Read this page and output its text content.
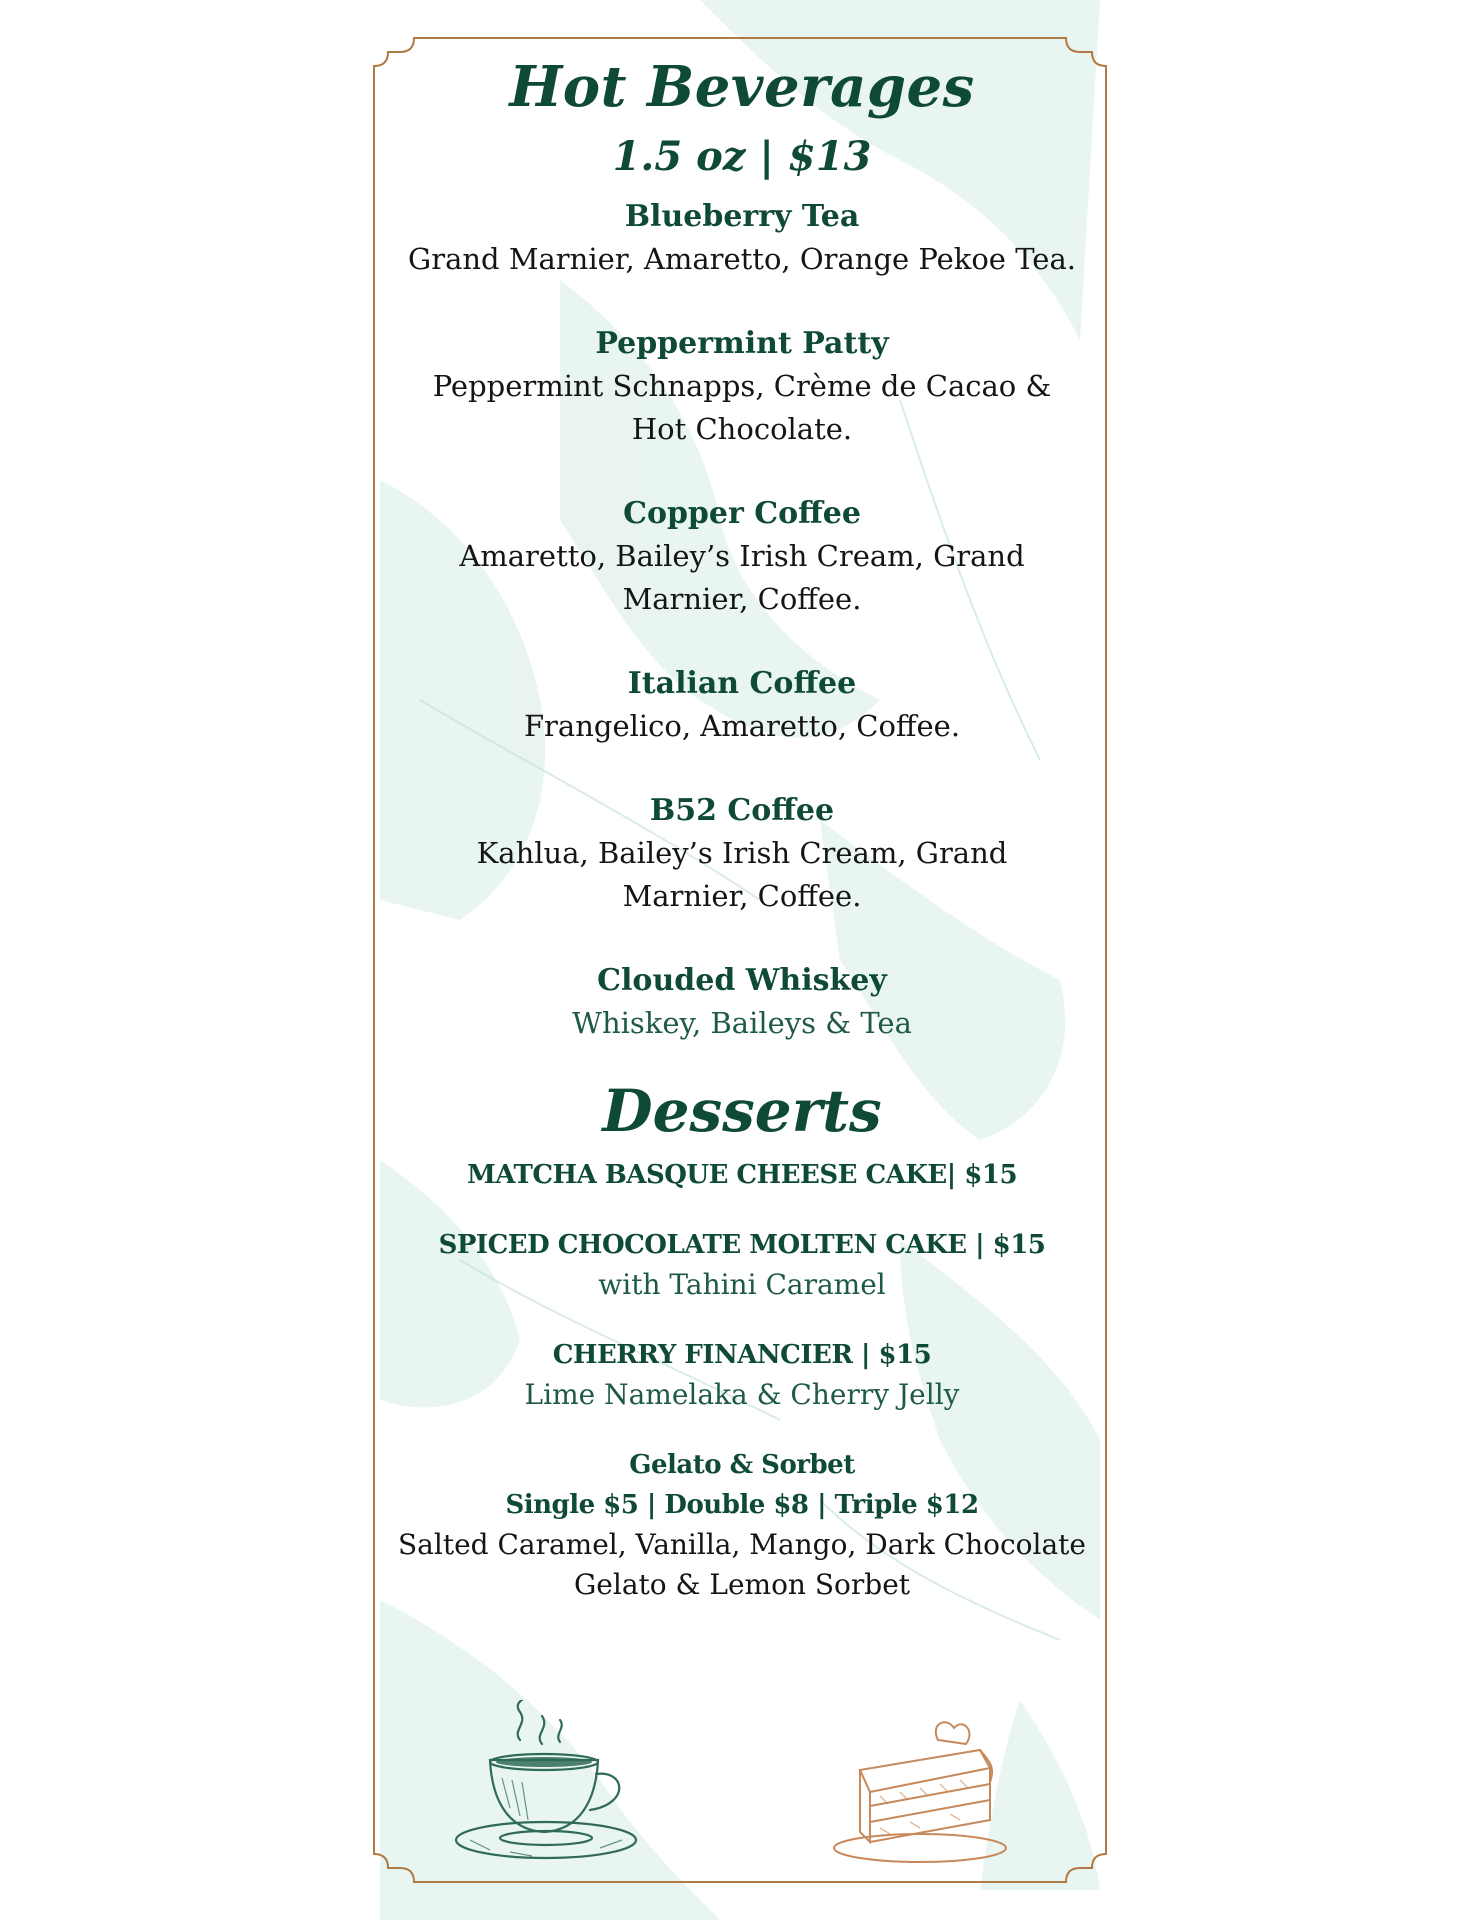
Hot Beverages
1.5 oz | $13
Blueberry Tea
Grand Marnier, Amaretto, Orange Pekoe Tea.
Peppermint Patty
Peppermint Schnapps, Crème de Cacao & Hot Chocolate.
Copper Coffee
Amaretto, Bailey’s Irish Cream, Grand Marnier, Coffee.
Italian Coffee
Frangelico, Amaretto, Coffee.
B52 Coffee
Kahlua, Bailey’s Irish Cream, Grand Marnier, Coffee.
Clouded Whiskey
Whiskey, Baileys & Tea
Desserts
MATCHA BASQUE CHEESE CAKE| $15
SPICED CHOCOLATE MOLTEN CAKE | $15
with Tahini Caramel
CHERRY FINANCIER | $15
Lime Namelaka & Cherry Jelly
Gelato & Sorbet
Single $5 | Double $8 | Triple $12
Salted Caramel, Vanilla, Mango, Dark Chocolate
Gelato & Lemon Sorbet
